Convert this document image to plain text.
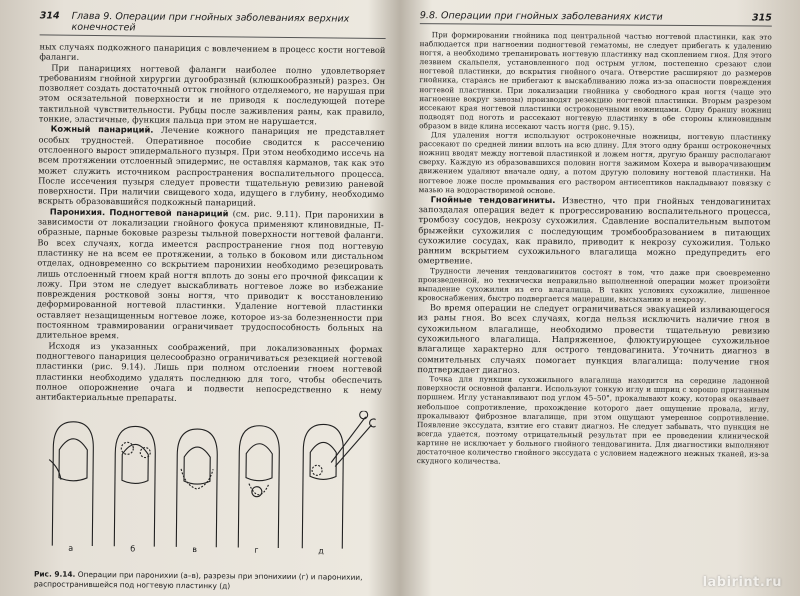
314 Глава 9. Операции при гнойных заболеваниях верхних конечностей

ных случаях подкожного панариция с вовлечением в процесс кости ногтевой фаланги.

При панарициях ногтевой фаланги наиболее полно удовлетворяет требованиям гнойной хирургии дугообразный (клюшкообразный) разрез. Он позволяет создать достаточный отток гнойного отделяемого, не нарушая при этом осязательной поверхности и не приводя к последующей потере тактильной чувствительности. Рубцы после заживления раны, как правило, тонкие, эластичные, функция пальца при этом не нарушается.

Кожный панариций. Лечение кожного панариция не представляет особых трудностей. Оперативное пособие сводится к рассечению отслоенного вырост эпидермального пузыря. При этом необходимо иссечь на всем протяжении отслоенный эпидермис, не оставляя карманов, так как это может служить источником распространения воспалительного процесса. После иссечения пузыря следует провести тщательную ревизию раневой поверхности. При наличии свищевого хода, идущего в глубину, необходимо вскрыть образовавшийся подкожный панариций.

Паронихия. Подногтевой панариций (см. рис. 9.11). При паронихии в зависимости от локализации гнойного фокуса применяют клиновидные, П-образные, парные боковые разрезы тыльной поверхности ногтевой фаланги. Во всех случаях, когда имеется распространение гноя под ногтевую пластинку не на всем ее протяжении, а только в боковом или дистальном отделах, одновременно со вскрытием паронихии необходимо резецировать лишь отслоенный гноем край ногтя вплоть до зоны его прочной фиксации к ложу. При этом не следует выскабливать ногтевое ложе во избежание повреждения ростковой зоны ногтя, что приводит к восстановлению деформированной ногтевой пластинки. Удаление ногтевой пластинки оставляет незащищенным ногтевое ложе, которое из-за болезненности при постоянном травмировании ограничивает трудоспособность больных на длительное время.

Исходя из указанных соображений, при локализованных формах подногтевого панариция целесообразно ограничиваться резекцией ногтевой пластинки (рис. 9.14). Лишь при полном отслоении гноем ногтевой пластинки необходимо удалять последнюю для того, чтобы обеспечить полное опорожнение очага и подвести непосредственно к нему антибактериальные препараты.

а	б	в	г	д
Рис. 9.14. Операции при паронихии (а–в), разрезы при эпонихиии (г) и паронихии, распространившейся под ногтевую пластинку (д)
9.8. Операции при гнойных заболеваниях кисти	315

При формировании гнойника под центральной частью ногтевой пластинки, как это наблюдается при нагноении подногтевой гематомы, не следует прибегать к удалению ногтя, а необходимо трепанировать ногтевую пластинку над скоплением гноя. Для этого лезвием скальпеля, установленного под острым углом, постепенно срезают слои ногтевой пластинки, до вскрытия гнойного очага. Отверстие расширяют до размеров гнойника, стараясь не прибегают к выскабливанию ложа из-за опасности повреждения ногтевой пластинки. При локализации гнойника у свободного края ногтя (чаще это нагноение вокруг занозы) производят резекцию ногтевой пластинки. Вторым разрезом иссекают края ногтевой пластинки остроконечными ножницами. Одну браншу ножниц подводят под ноготь и рассекают ногтевую пластинку в обе стороны клиновидным образом в виде клина иссекают часть ногтя (рис. 9.15).

Для удаления ногтя используют остроконечные ножницы, ногтевую пластинку рассекают по средней линии вплоть на всю длину. Для этого одну бранш остроконечных ножниц вводят между ногтевой пластинкой и ложем ногтя, другую браншу располагают сверху. Каждую из образовавшихся половин ногтя зажимом Кохера и выворачивающим движением удаляют вначале одну, а потом другую половину ногтевой пластинки. На ногтевое ложе после промывания его раствором антисептиков накладывают повязку с мазью на водорастворимой основе.

Гнойные тендовагиниты. Известно, что при гнойных тендовагинитах запоздалая операция ведет к прогрессированию воспалительного процесса, тромбозу сосудов, некрозу сухожилия. Сдавление воспалительным выпотом брыжейки сухожилия с последующим тромбообразованием в питающих сухожилие сосудах, как правило, приводит к некрозу сухожилия. Только ранним вскрытием сухожильного влагалища можно предупредить его омертвение.

Трудности лечения тендовагинитов состоят в том, что даже при своевременно произведенной, но технически неправильно выполненной операции может произойти выпадение сухожилия из его влагалища. В таких условиях сухожилие, лишенное кровоснабжения, быстро подвергается мацерации, высыханию и некрозу.

Во время операции не следует ограничиваться эвакуацией изливающегося из раны гноя. Во всех случаях, когда нельзя исключить наличие гноя в сухожильном влагалище, необходимо провести тщательную ревизию сухожильного влагалища. Напряженное, флюктуирующее сухожильное влагалище характерно для острого тендовагинита. Уточнить диагноз в сомнительных случаях помогает пункция влагалища: получение гноя подтверждает диагноз.

Точка для пункции сухожильного влагалища находится на середине ладонной поверхности основной фаланги. Используют тонкую иглу и шприц с хорошо пригнанным поршнем. Иглу устанавливают под углом 45–50°, прокалывают кожу, которая оказывает небольшое сопротивление, прохождение которого дает ощущение провала, иглу, прокалывают фиброзное влагалище, при этом ощущают умеренное сопротивление. Появление экссудата, взятие его ставит диагноз. Не следует забывать, что пункция не всегда удается, поэтому отрицательный результат при ее проведении клинической картине не исключает у больного гнойного тендовагинита. Для диагностики выполняют достаточное количество гнойного экссудата с условием надежного нежных тканей, из-за скудного количества.

labirint.ru
